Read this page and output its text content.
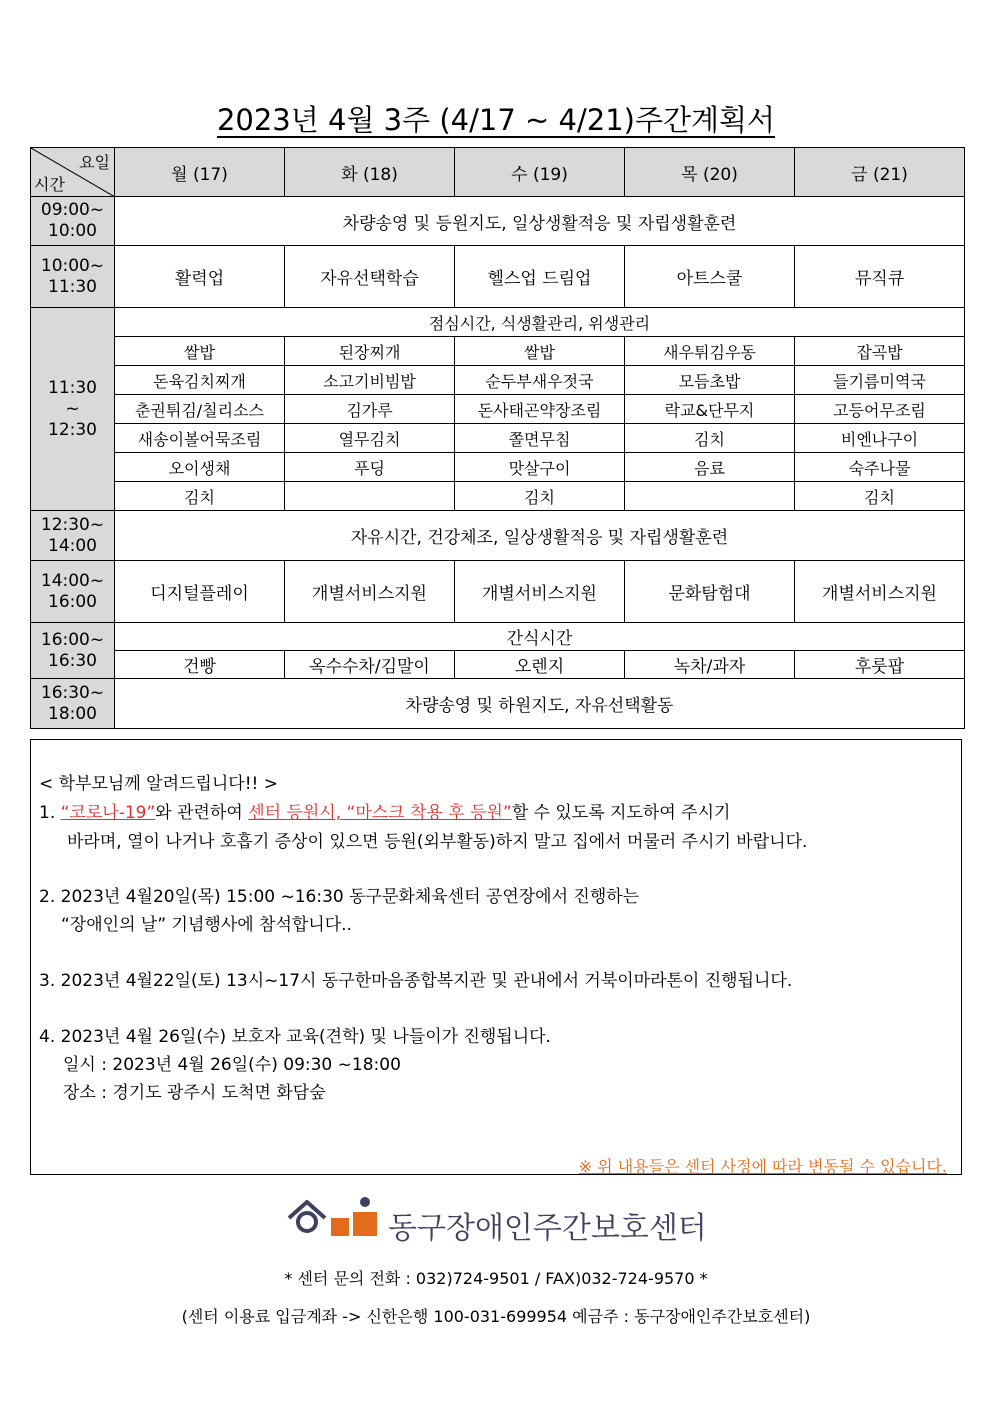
2023년 4월 3주 (4/17 ~ 4/21)주간계획서
요일
시간	월 (17)	화 (18)	수 (19)	목 (20)	금 (21)
09:00~
10:00	차량송영 및 등원지도, 일상생활적응 및 자립생활훈련				
10:00~
11:30	활력업	자유선택학습	헬스업 드림업	아트스쿨	뮤직큐
11:30
~
12:30	점심시간, 식생활관리, 위생관리				
	쌀밥	된장찌개	쌀밥	새우튀김우동	잡곡밥
	돈육김치찌개	소고기비빔밥	순두부새우젓국	모듬초밥	들기름미역국
	춘권튀김/칠리소스	김가루	돈사태곤약장조림	락교&단무지	고등어무조림
	새송이볼어묵조림	열무김치	쫄면무침	김치	비엔나구이
	오이생채	푸딩	맛살구이	음료	숙주나물
	김치		김치		김치
12:30~
14:00	자유시간, 건강체조, 일상생활적응 및 자립생활훈련				
14:00~
16:00	디지털플레이	개별서비스지원	개별서비스지원	문화탐험대	개별서비스지원
16:00~
16:30	간식시간				
	건빵	옥수수차/김말이	오렌지	녹차/과자	후룻팝
16:30~
18:00	차량송영 및 하원지도, 자유선택활동				
< 학부모님께 알려드립니다!! >
1. “코로나-19”와 관련하여 센터 등원시, “마스크 착용 후 등원”할 수 있도록 지도하여 주시기
바라며, 열이 나거나 호흡기 증상이 있으면 등원(외부활동)하지 말고 집에서 머물러 주시기 바랍니다.
2. 2023년 4월20일(목) 15:00 ~16:30 동구문화체육센터 공연장에서 진행하는
“장애인의 날” 기념행사에 참석합니다..
3. 2023년 4월22일(토) 13시~17시 동구한마음종합복지관 및 관내에서 거북이마라톤이 진행됩니다.
4. 2023년 4월 26일(수) 보호자 교육(견학) 및 나들이가 진행됩니다.
일시 : 2023년 4월 26일(수) 09:30 ~18:00
장소 : 경기도 광주시 도척면 화담숲
※ 위 내용들은 센터 사정에 따라 변동될 수 있습니다.
동구장애인주간보호센터
* 센터 문의 전화 : 032)724-9501 / FAX)032-724-9570 *
(센터 이용료 입금계좌 -> 신한은행 100-031-699954 예금주 : 동구장애인주간보호센터)
